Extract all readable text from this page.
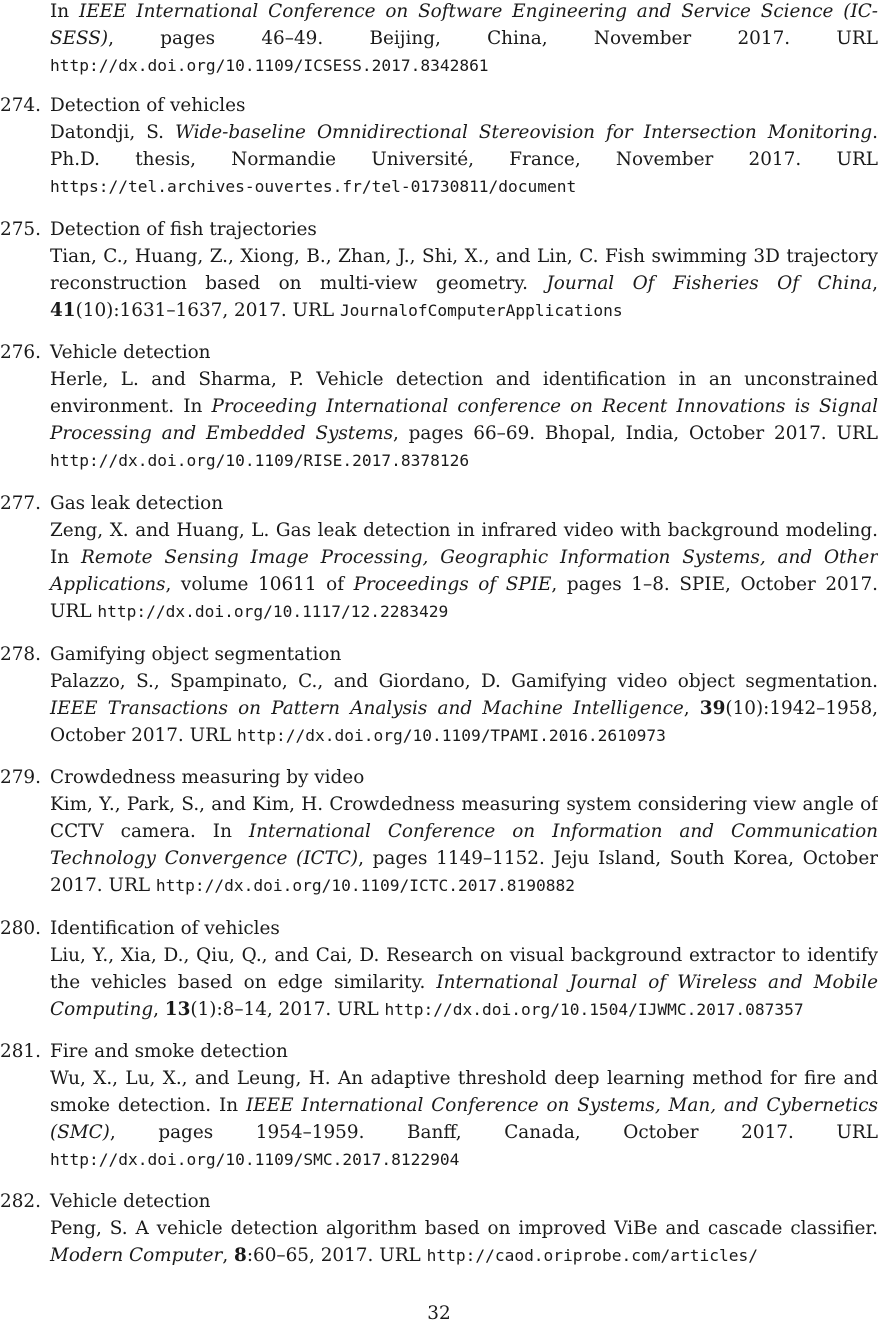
In IEEE International Conference on Software Engineering and Service Science (IC-SESS), pages 46–49. Beijing, China, November 2017. URL http://dx.doi.org/10.1109/ICSESS.2017.8342861
274. Detection of vehicles
Datondji, S. Wide-baseline Omnidirectional Stereovision for Intersection Monitoring. Ph.D. thesis, Normandie Université, France, November 2017. URL https://tel.archives-ouvertes.fr/tel-01730811/document
275. Detection of fish trajectories
Tian, C., Huang, Z., Xiong, B., Zhan, J., Shi, X., and Lin, C. Fish swimming 3D trajectory reconstruction based on multi-view geometry. Journal Of Fisheries Of China, 41(10):1631–1637, 2017. URL JournalofComputerApplications
276. Vehicle detection
Herle, L. and Sharma, P. Vehicle detection and identification in an unconstrained environment. In Proceeding International conference on Recent Innovations is Signal Processing and Embedded Systems, pages 66–69. Bhopal, India, October 2017. URL http://dx.doi.org/10.1109/RISE.2017.8378126
277. Gas leak detection
Zeng, X. and Huang, L. Gas leak detection in infrared video with background modeling. In Remote Sensing Image Processing, Geographic Information Systems, and Other Applications, volume 10611 of Proceedings of SPIE, pages 1–8. SPIE, October 2017. URL http://dx.doi.org/10.1117/12.2283429
278. Gamifying object segmentation
Palazzo, S., Spampinato, C., and Giordano, D. Gamifying video object segmentation. IEEE Transactions on Pattern Analysis and Machine Intelligence, 39(10):1942–1958, October 2017. URL http://dx.doi.org/10.1109/TPAMI.2016.2610973
279. Crowdedness measuring by video
Kim, Y., Park, S., and Kim, H. Crowdedness measuring system considering view angle of CCTV camera. In International Conference on Information and Communication Technology Convergence (ICTC), pages 1149–1152. Jeju Island, South Korea, October 2017. URL http://dx.doi.org/10.1109/ICTC.2017.8190882
280. Identification of vehicles
Liu, Y., Xia, D., Qiu, Q., and Cai, D. Research on visual background extractor to identify the vehicles based on edge similarity. International Journal of Wireless and Mobile Computing, 13(1):8–14, 2017. URL http://dx.doi.org/10.1504/IJWMC.2017.087357
281. Fire and smoke detection
Wu, X., Lu, X., and Leung, H. An adaptive threshold deep learning method for fire and smoke detection. In IEEE International Conference on Systems, Man, and Cybernetics (SMC), pages 1954–1959. Banff, Canada, October 2017. URL http://dx.doi.org/10.1109/SMC.2017.8122904
282. Vehicle detection
Peng, S. A vehicle detection algorithm based on improved ViBe and cascade classifier. Modern Computer, 8:60–65, 2017. URL http://caod.oriprobe.com/articles/
32
